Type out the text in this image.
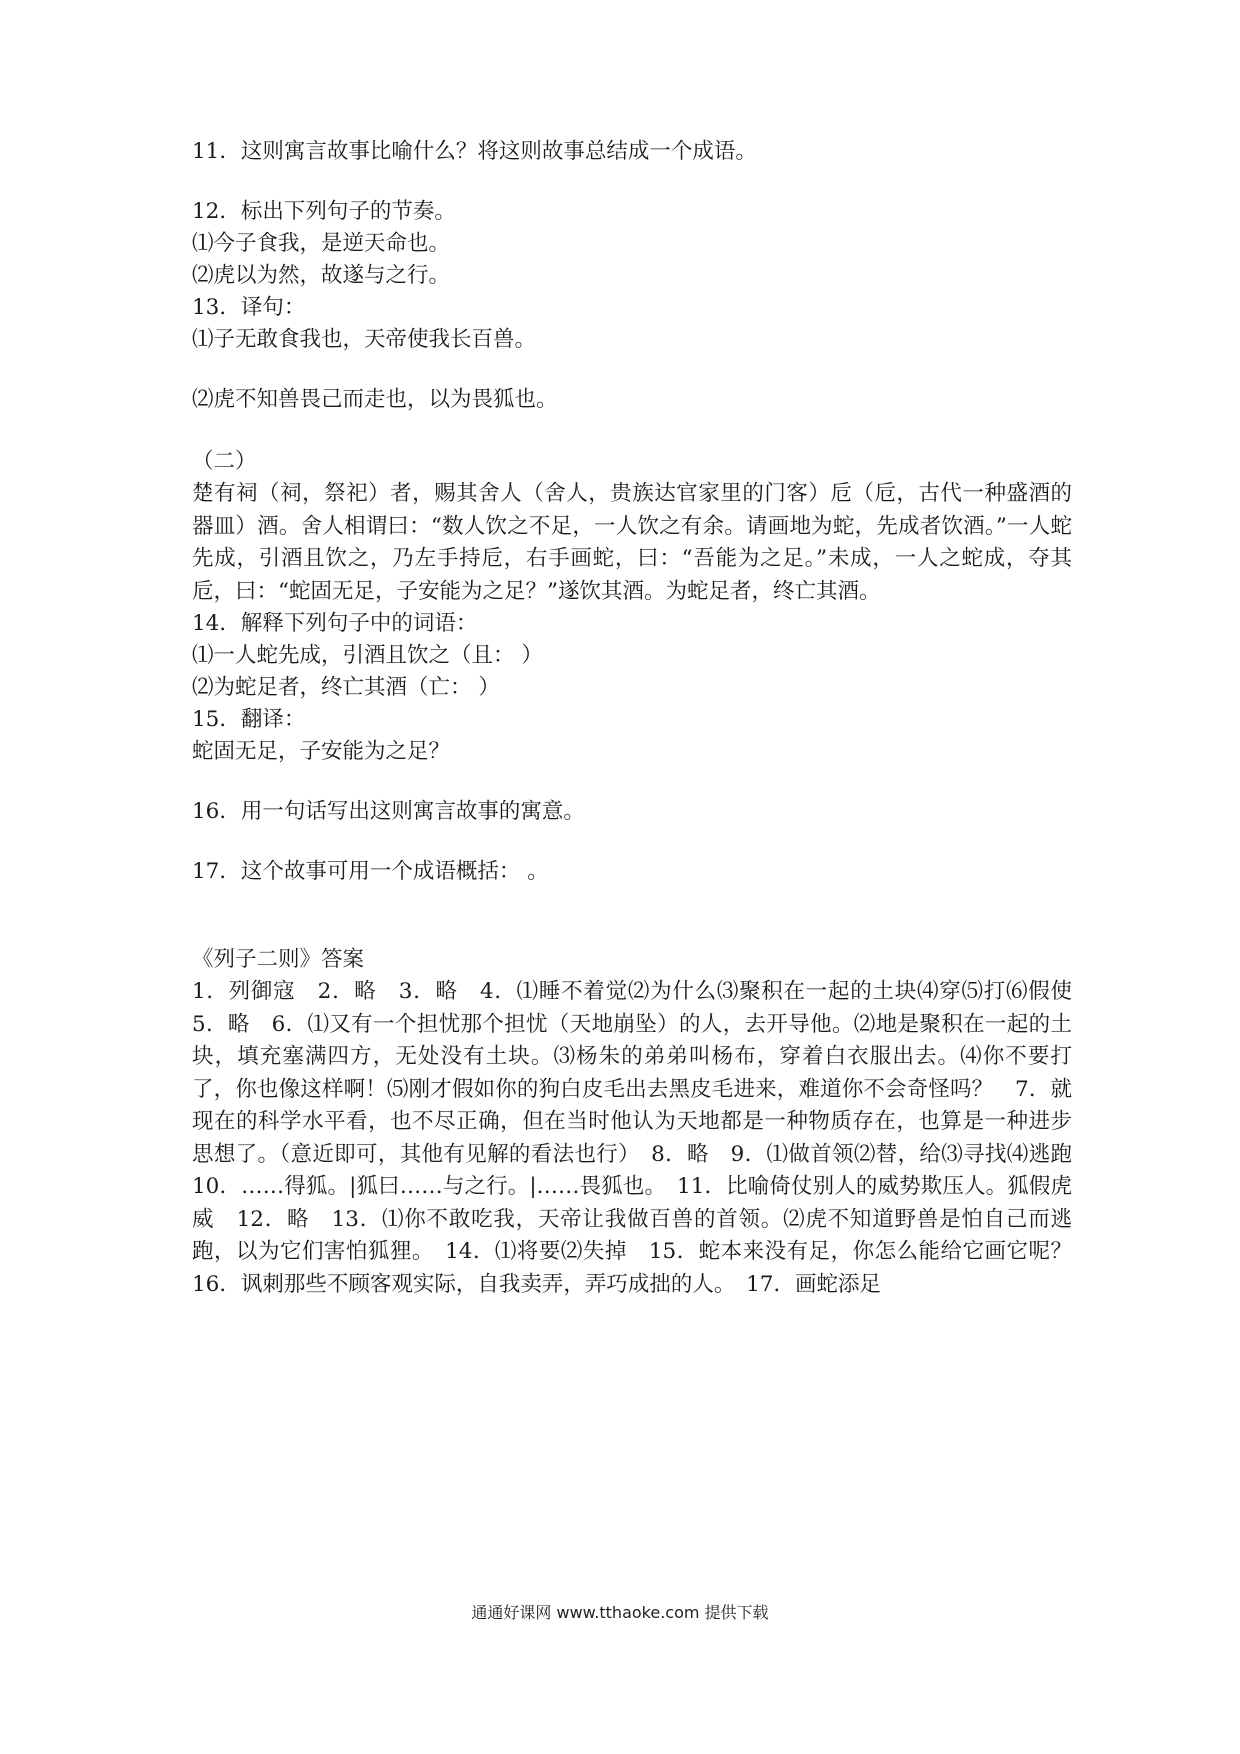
11．这则寓言故事比喻什么？将这则故事总结成一个成语。
12．标出下列句子的节奏。
⑴今子食我，是逆天命也。
⑵虎以为然，故遂与之行。
13．译句：
⑴子无敢食我也，天帝使我长百兽。
⑵虎不知兽畏己而走也，以为畏狐也。
（二）
楚有祠（祠，祭祀）者，赐其舍人（舍人，贵族达官家里的门客）卮（卮，古代一种盛酒的器皿）酒。舍人相谓曰：“数人饮之不足，一人饮之有余。请画地为蛇，先成者饮酒。”一人蛇先成，引酒且饮之，乃左手持卮，右手画蛇，曰：“吾能为之足。”未成，一人之蛇成，夺其卮，曰：“蛇固无足，子安能为之足？”遂饮其酒。为蛇足者，终亡其酒。
14．解释下列句子中的词语：
⑴一人蛇先成，引酒且饮之（且： ）
⑵为蛇足者，终亡其酒（亡： ）
15．翻译：
蛇固无足，子安能为之足？
16．用一句话写出这则寓言故事的寓意。
17．这个故事可用一个成语概括： 。
《列子二则》答案
1．列御寇　2．略　3．略　4．⑴睡不着觉⑵为什么⑶聚积在一起的土块⑷穿⑸打⑹假使　5．略　6．⑴又有一个担忧那个担忧（天地崩坠）的人，去开导他。⑵地是聚积在一起的土块，填充塞满四方，无处没有土块。⑶杨朱的弟弟叫杨布，穿着白衣服出去。⑷你不要打了，你也像这样啊！⑸刚才假如你的狗白皮毛出去黑皮毛进来，难道你不会奇怪吗？　7．就现在的科学水平看，也不尽正确，但在当时他认为天地都是一种物质存在，也算是一种进步思想了。（意近即可，其他有见解的看法也行）　8．略　9．⑴做首领⑵替，给⑶寻找⑷逃跑　10．……得狐。|狐曰……与之行。|……畏狐也。　11．比喻倚仗别人的威势欺压人。狐假虎威　12．略　13．⑴你不敢吃我，天帝让我做百兽的首领。⑵虎不知道野兽是怕自己而逃跑，以为它们害怕狐狸。　14．⑴将要⑵失掉　15．蛇本来没有足，你怎么能给它画它呢？　16．讽刺那些不顾客观实际，自我卖弄，弄巧成拙的人。　17．画蛇添足
通通好课网 www.tthaoke.com 提供下载
